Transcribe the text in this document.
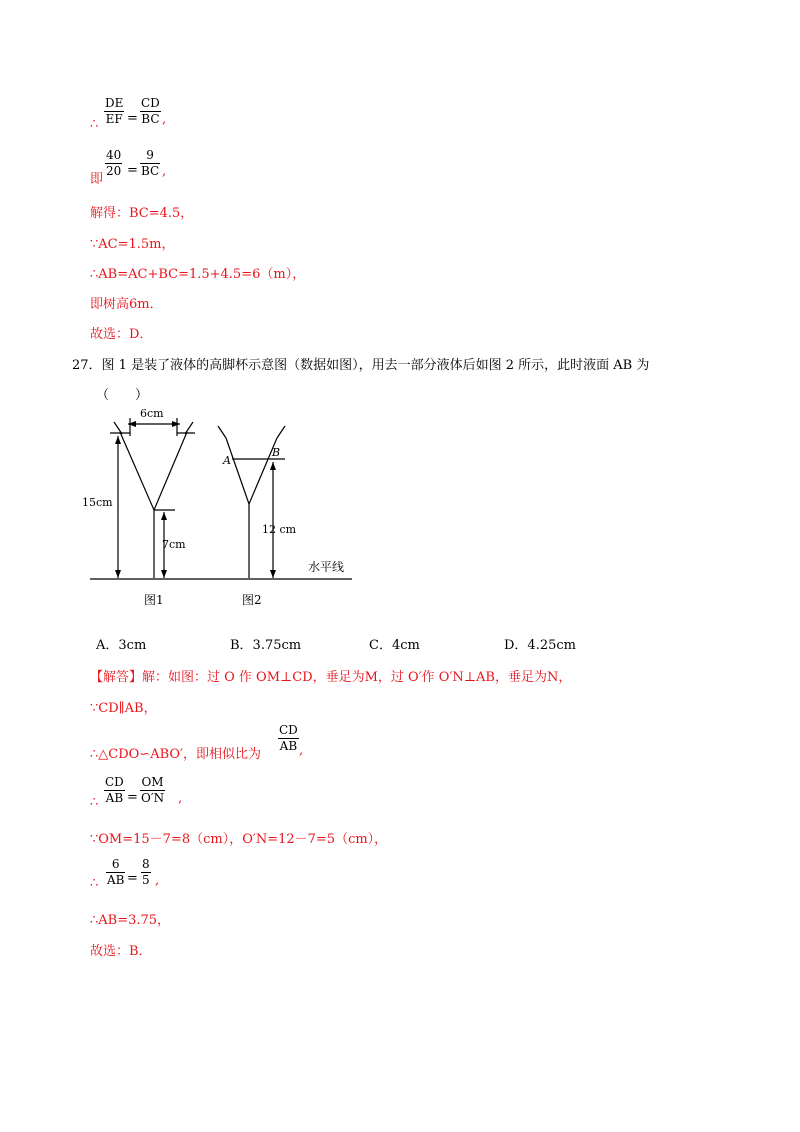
$\frac{DE}{EF}$
∴ = $\frac{CD}{BC}$ ,
即
$\frac{40}{20} = \frac{9}{BC}$ ,
解得：BC=4.5，
∵AC=1.5m，
∴AB=AC+BC=1.5+4.5=6（m），
即树高6m．
故选：D．
27．图 1 是装了液体的高脚杯示意图（数据如图），用去一部分液体后如图 2 所示，此时液面 AB 为
（　　）
6cm
15cm
7cm
12 cm
A
B
水平线
图1	图2
A．3cm	B．3.75cm	C．4cm	D．4.25cm
【解答】解：如图：过 O 作 OM⊥CD，垂足为M，过 O′作 O′N⊥AB，垂足为N，
∵CD∥AB，
∴△CDO∽ABO′，即相似比为
$\frac{CD}{AB}$ ,
$\frac{CD}{AB}$
∴ = $\frac{OM}{O'N}$ ,
∵OM=15－7=8（cm），O′N=12－7=5（cm），
$\frac{6}{AB}$
∴ = $\frac{8}{5}$ ,
∴AB=3.75，
故选：B．
